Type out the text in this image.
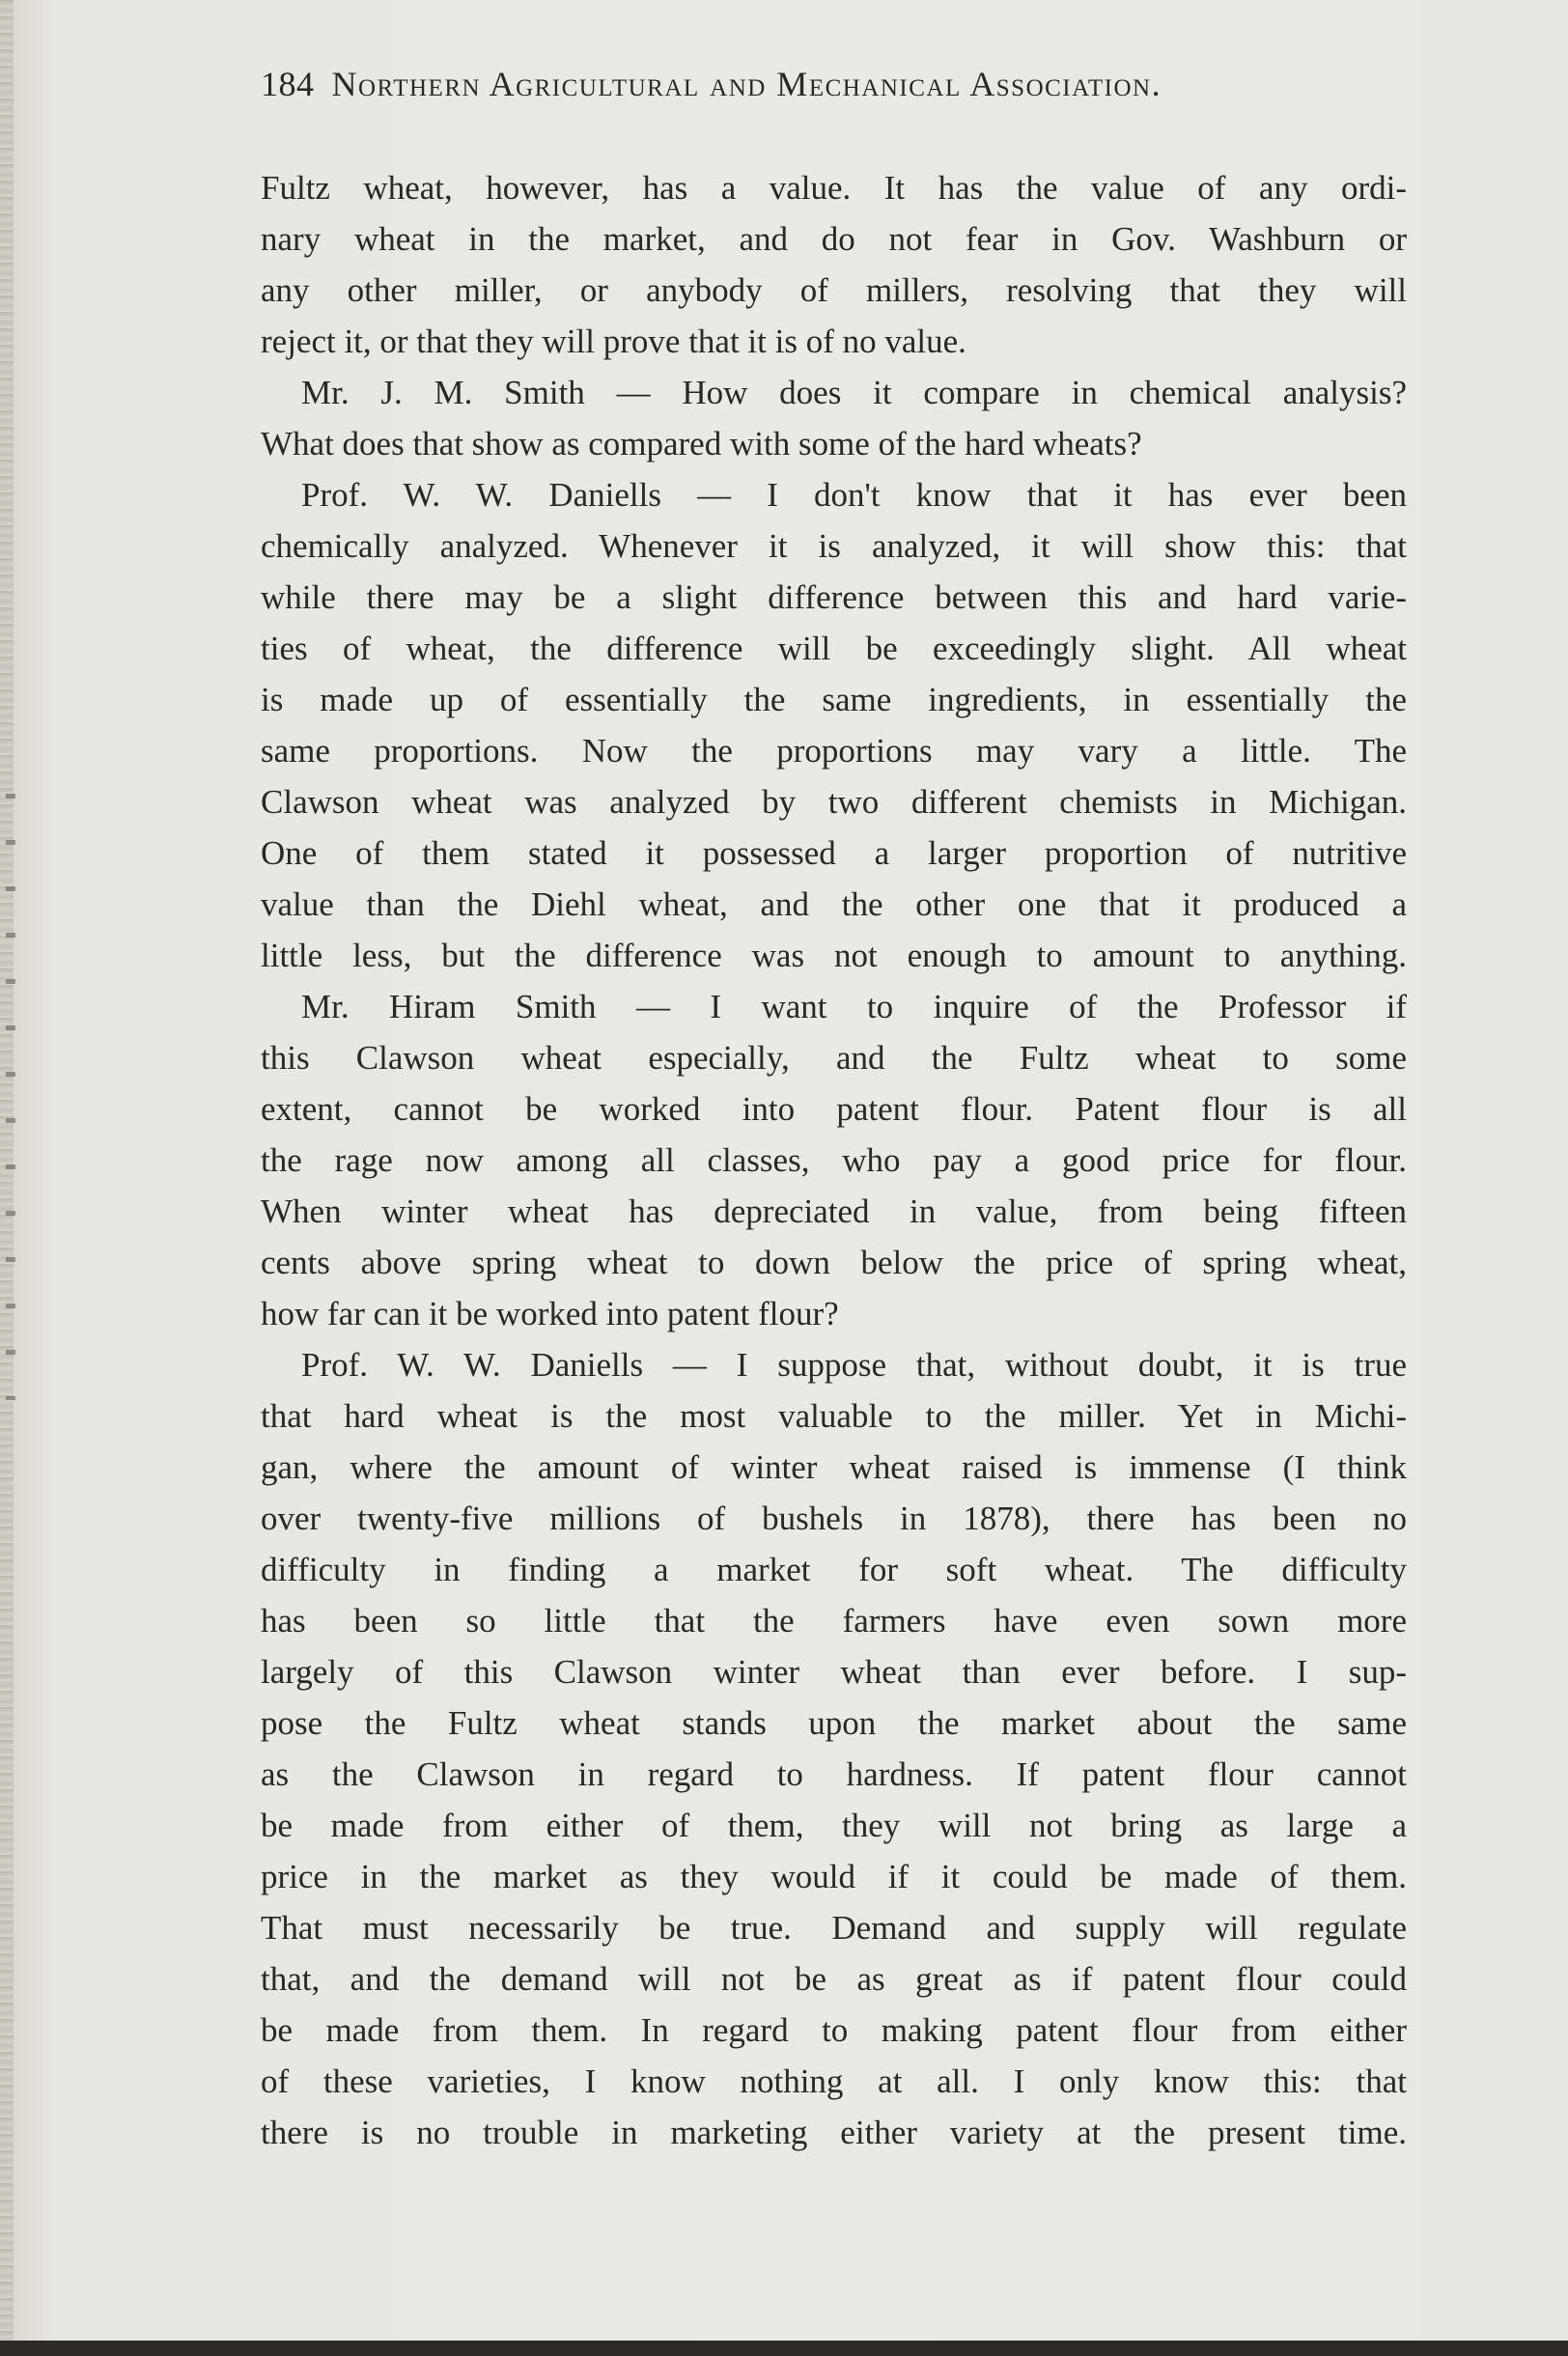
184 Northern Agricultural and Mechanical Association.
Fultz wheat, however, has a value. It has the value of any ordi-
nary wheat in the market, and do not fear in Gov. Washburn or
any other miller, or anybody of millers, resolving that they will
reject it, or that they will prove that it is of no value.
Mr. J. M. Smith — How does it compare in chemical analysis?
What does that show as compared with some of the hard wheats?
Prof. W. W. Daniells — I don't know that it has ever been
chemically analyzed. Whenever it is analyzed, it will show this: that
while there may be a slight difference between this and hard varie-
ties of wheat, the difference will be exceedingly slight. All wheat
is made up of essentially the same ingredients, in essentially the
same proportions. Now the proportions may vary a little. The
Clawson wheat was analyzed by two different chemists in Michigan.
One of them stated it possessed a larger proportion of nutritive
value than the Diehl wheat, and the other one that it produced a
little less, but the difference was not enough to amount to anything.
Mr. Hiram Smith — I want to inquire of the Professor if
this Clawson wheat especially, and the Fultz wheat to some
extent, cannot be worked into patent flour. Patent flour is all
the rage now among all classes, who pay a good price for flour.
When winter wheat has depreciated in value, from being fifteen
cents above spring wheat to down below the price of spring wheat,
how far can it be worked into patent flour?
Prof. W. W. Daniells — I suppose that, without doubt, it is true
that hard wheat is the most valuable to the miller. Yet in Michi-
gan, where the amount of winter wheat raised is immense (I think
over twenty-five millions of bushels in 1878), there has been no
difficulty in finding a market for soft wheat. The difficulty
has been so little that the farmers have even sown more
largely of this Clawson winter wheat than ever before. I sup-
pose the Fultz wheat stands upon the market about the same
as the Clawson in regard to hardness. If patent flour cannot
be made from either of them, they will not bring as large a
price in the market as they would if it could be made of them.
That must necessarily be true. Demand and supply will regulate
that, and the demand will not be as great as if patent flour could
be made from them. In regard to making patent flour from either
of these varieties, I know nothing at all. I only know this: that
there is no trouble in marketing either variety at the present time.
